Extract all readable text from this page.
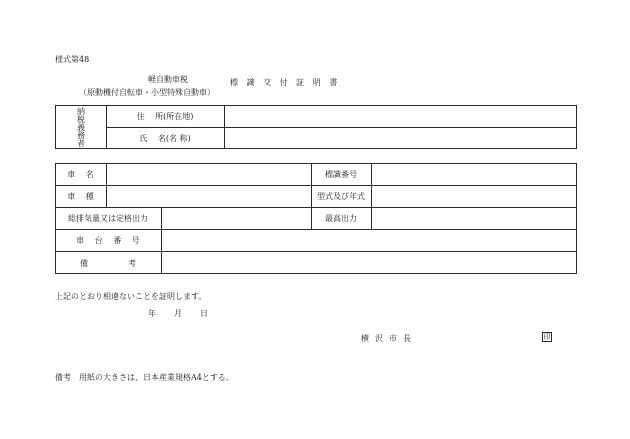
様式第48
軽自動車税
（原動機付自転車・小型特殊自動車）
標 識 交 付 証 明 書
納税義務者	住　 所(所在地)
氏　 名(名 称)
車　 名	標識番号
車　 種	型式及び年式
総排気量又は定格出力	最高出力
車　 台　 番　 号
備　　　　　考
上記のとおり相違ないことを証明します。
年 月 日
横沢市長	印
備考　用紙の大きさは、日本産業規格A4とする。
